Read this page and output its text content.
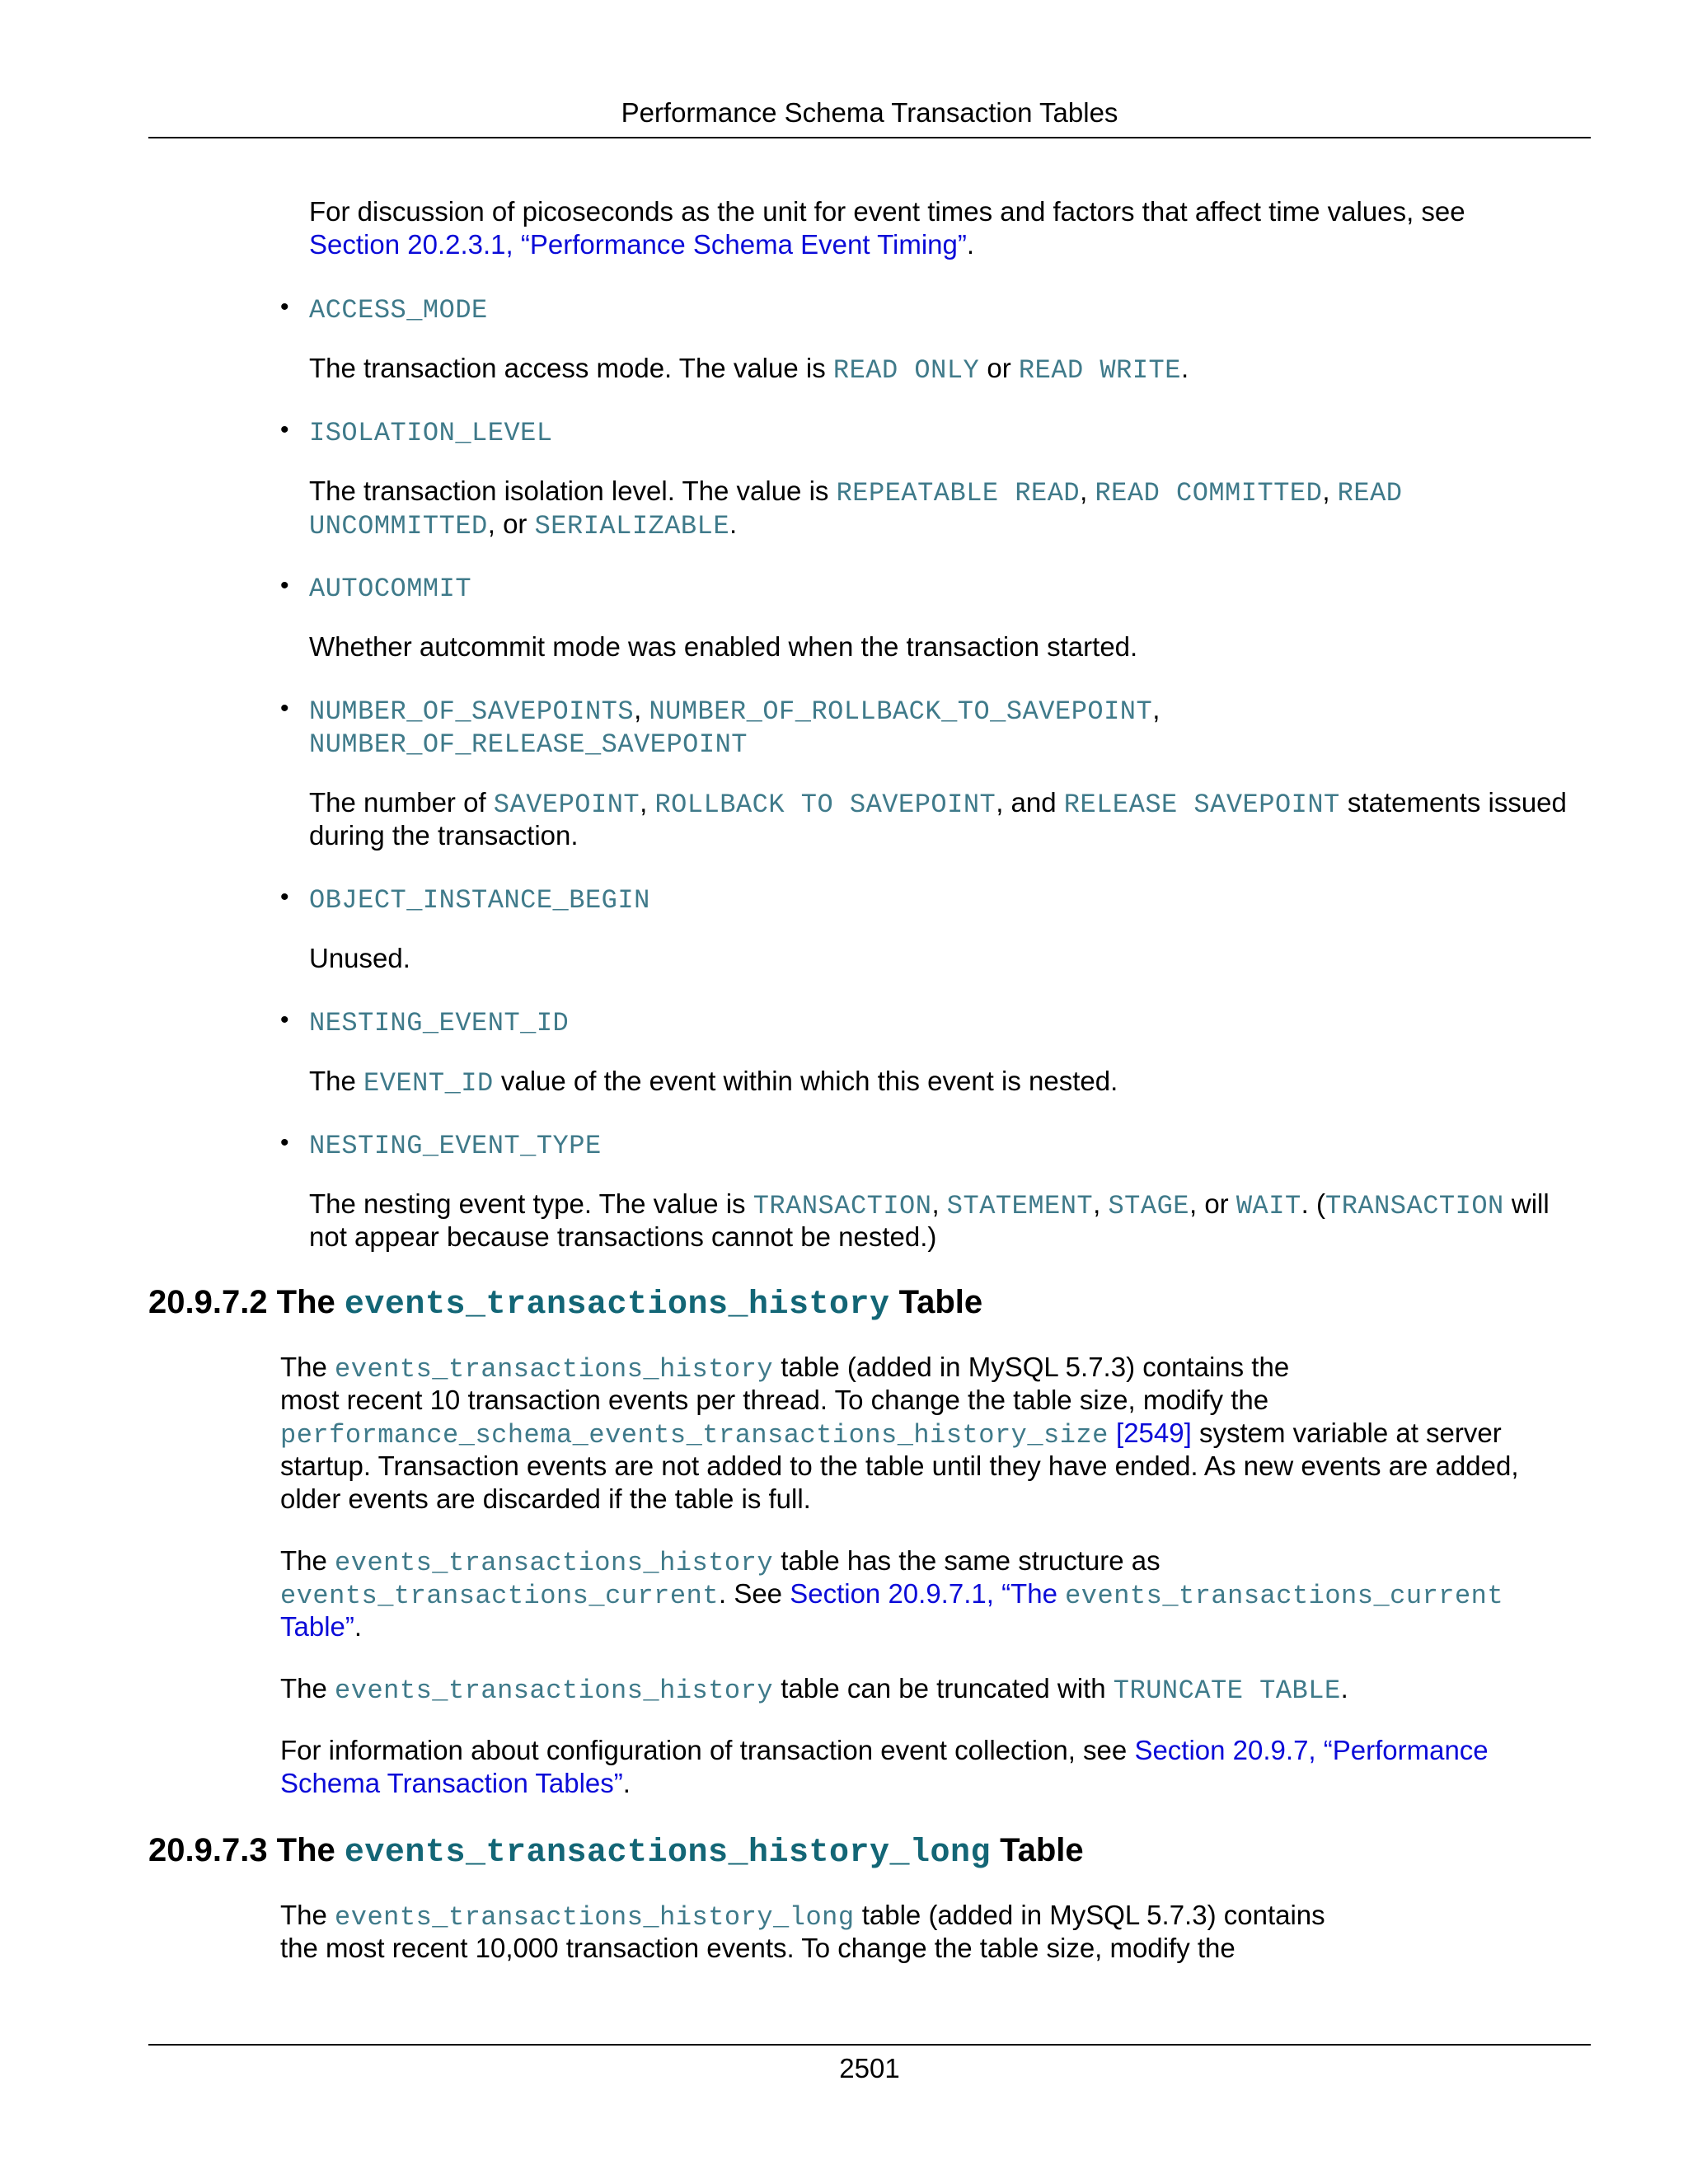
Performance Schema Transaction Tables

For discussion of picoseconds as the unit for event times and factors that affect time values, see

Section 20.2.3.1, “Performance Schema Event Timing”.

• ACCESS_MODE

The transaction access mode. The value is READ ONLY or READ WRITE.

• ISOLATION_LEVEL

The transaction isolation level. The value is REPEATABLE READ, READ COMMITTED, READ

UNCOMMITTED, or SERIALIZABLE.

• AUTOCOMMIT

Whether autcommit mode was enabled when the transaction started.

• NUMBER_OF_SAVEPOINTS, NUMBER_OF_ROLLBACK_TO_SAVEPOINT,

NUMBER_OF_RELEASE_SAVEPOINT

The number of SAVEPOINT, ROLLBACK TO SAVEPOINT, and RELEASE SAVEPOINT statements issued

during the transaction.

• OBJECT_INSTANCE_BEGIN

Unused.

• NESTING_EVENT_ID

The EVENT_ID value of the event within which this event is nested.

• NESTING_EVENT_TYPE

The nesting event type. The value is TRANSACTION, STATEMENT, STAGE, or WAIT. (TRANSACTION will

not appear because transactions cannot be nested.)

20.9.7.2 The events_transactions_history Table

The events_transactions_history table (added in MySQL 5.7.3) contains the

most recent 10 transaction events per thread. To change the table size, modify the

performance_schema_events_transactions_history_size [2549] system variable at server

startup. Transaction events are not added to the table until they have ended. As new events are added,

older events are discarded if the table is full.

The events_transactions_history table has the same structure as

events_transactions_current. See Section 20.9.7.1, “The events_transactions_current

Table”.

The events_transactions_history table can be truncated with TRUNCATE TABLE.

For information about configuration of transaction event collection, see Section 20.9.7, “Performance

Schema Transaction Tables”.

20.9.7.3 The events_transactions_history_long Table

The events_transactions_history_long table (added in MySQL 5.7.3) contains

the most recent 10,000 transaction events. To change the table size, modify the

2501
